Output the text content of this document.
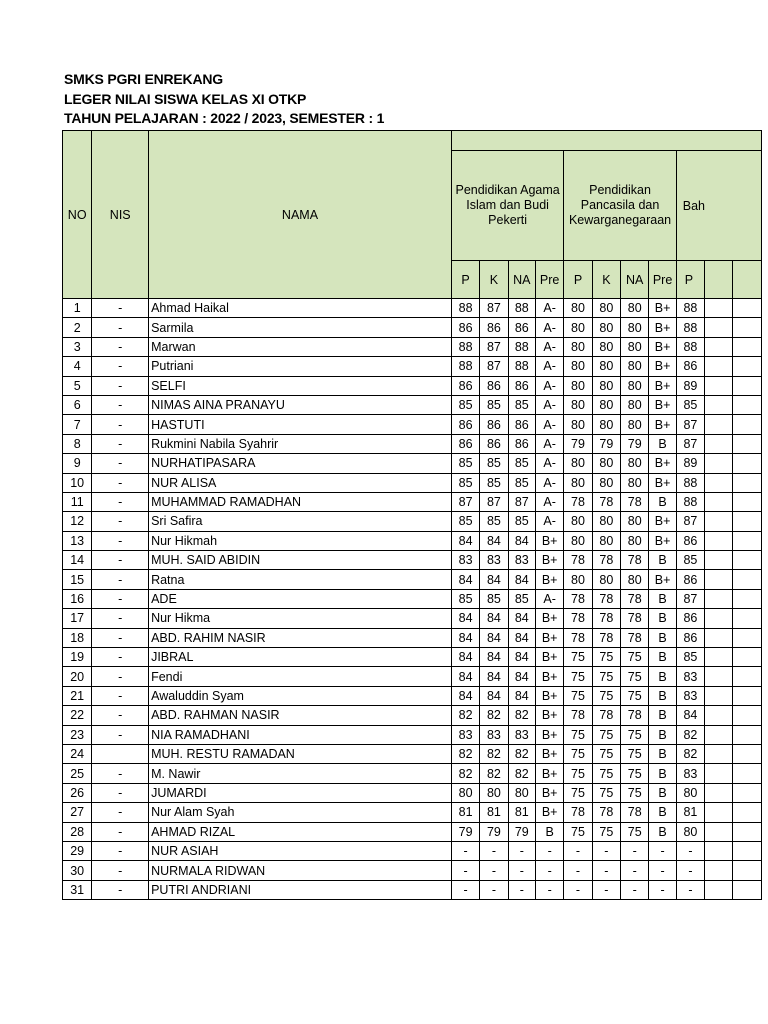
SMKS PGRI ENREKANG
LEGER NILAI SISWA KELAS XI OTKP
TAHUN PELAJARAN : 2022 / 2023, SEMESTER : 1
NO	NIS	NAMA											
			Pendidikan Agama Islam dan Budi Pekerti				Pendidikan Pancasila dan Kewarganegaraan				Bah		
			P	K	NA	Pre	P	K	NA	Pre	P		
1	-	Ahmad Haikal	88	87	88	A-	80	80	80	B+	88		
2	-	Sarmila	86	86	86	A-	80	80	80	B+	88		
3	-	Marwan	88	87	88	A-	80	80	80	B+	88		
4	-	Putriani	88	87	88	A-	80	80	80	B+	86		
5	-	SELFI	86	86	86	A-	80	80	80	B+	89		
6	-	NIMAS AINA PRANAYU	85	85	85	A-	80	80	80	B+	85		
7	-	HASTUTI	86	86	86	A-	80	80	80	B+	87		
8	-	Rukmini Nabila Syahrir	86	86	86	A-	79	79	79	B	87		
9	-	NURHATIPASARA	85	85	85	A-	80	80	80	B+	89		
10	-	NUR ALISA	85	85	85	A-	80	80	80	B+	88		
11	-	MUHAMMAD RAMADHAN	87	87	87	A-	78	78	78	B	88		
12	-	Sri Safira	85	85	85	A-	80	80	80	B+	87		
13	-	Nur Hikmah	84	84	84	B+	80	80	80	B+	86		
14	-	MUH. SAID ABIDIN	83	83	83	B+	78	78	78	B	85		
15	-	Ratna	84	84	84	B+	80	80	80	B+	86		
16	-	ADE	85	85	85	A-	78	78	78	B	87		
17	-	Nur Hikma	84	84	84	B+	78	78	78	B	86		
18	-	ABD. RAHIM NASIR	84	84	84	B+	78	78	78	B	86		
19	-	JIBRAL	84	84	84	B+	75	75	75	B	85		
20	-	Fendi	84	84	84	B+	75	75	75	B	83		
21	-	Awaluddin Syam	84	84	84	B+	75	75	75	B	83		
22	-	ABD. RAHMAN NASIR	82	82	82	B+	78	78	78	B	84		
23	-	NIA RAMADHANI	83	83	83	B+	75	75	75	B	82		
24		MUH. RESTU RAMADAN	82	82	82	B+	75	75	75	B	82		
25	-	M. Nawir	82	82	82	B+	75	75	75	B	83		
26	-	JUMARDI	80	80	80	B+	75	75	75	B	80		
27	-	Nur Alam Syah	81	81	81	B+	78	78	78	B	81		
28	-	AHMAD RIZAL	79	79	79	B	75	75	75	B	80		
29	-	NUR ASIAH	-	-	-	-	-	-	-	-	-		
30	-	NURMALA RIDWAN	-	-	-	-	-	-	-	-	-		
31	-	PUTRI ANDRIANI	-	-	-	-	-	-	-	-	-		
